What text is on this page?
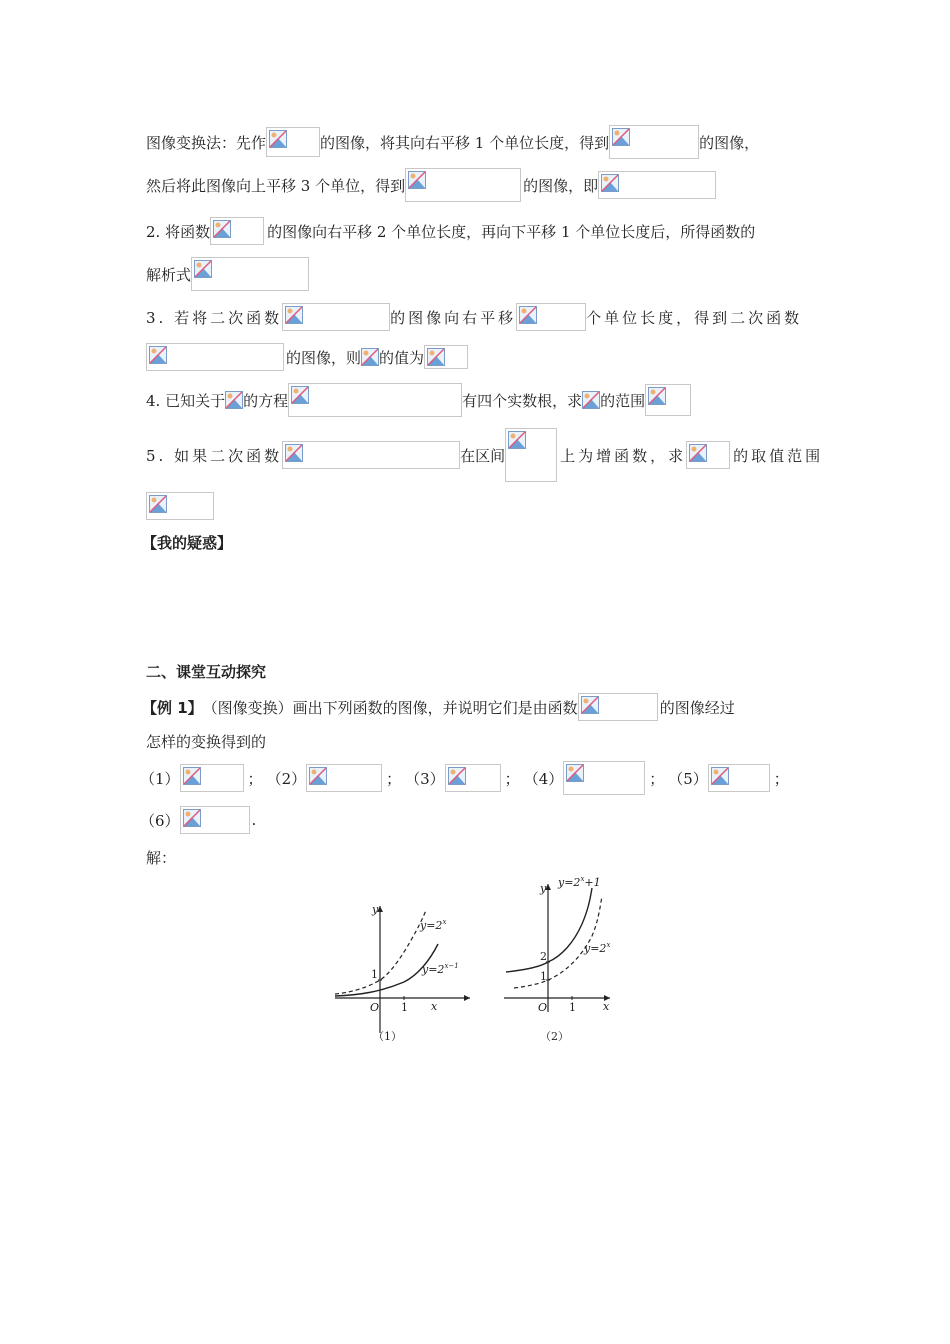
图像变换法：先作	的图像，将其向右平移 1 个单位长度，得到	的图像，
然后将此图像向上平移 3 个单位，得到	的图像，即
2. 将函数	的图像向右平移 2 个单位长度，再向下平移 1 个单位长度后，所得函数的
解析式
3. 若将二次函数	的图像向右平移	个单位长度，得到二次函数
的图像，则 的值为
4. 已知关于 的方程	有四个实数根，求 的范围
5. 如果二次函数	在区间	上为增函数，求	的取值范围
【我的疑惑】
二、课堂互动探究
【例 1】 （图像变换）画出下列函数的图像，并说明它们是由函数	的图像经过
怎样的变换得到的
（1）	； （2）	； （3）	； （4）	； （5）	；
（6）	.
解：
y
x
O 1
1
$y=2^x$
$y=2^{x-1}$
（1）
y
x
O 1
1
2
$y=2^x+1$
$y=2^x$
（2）
